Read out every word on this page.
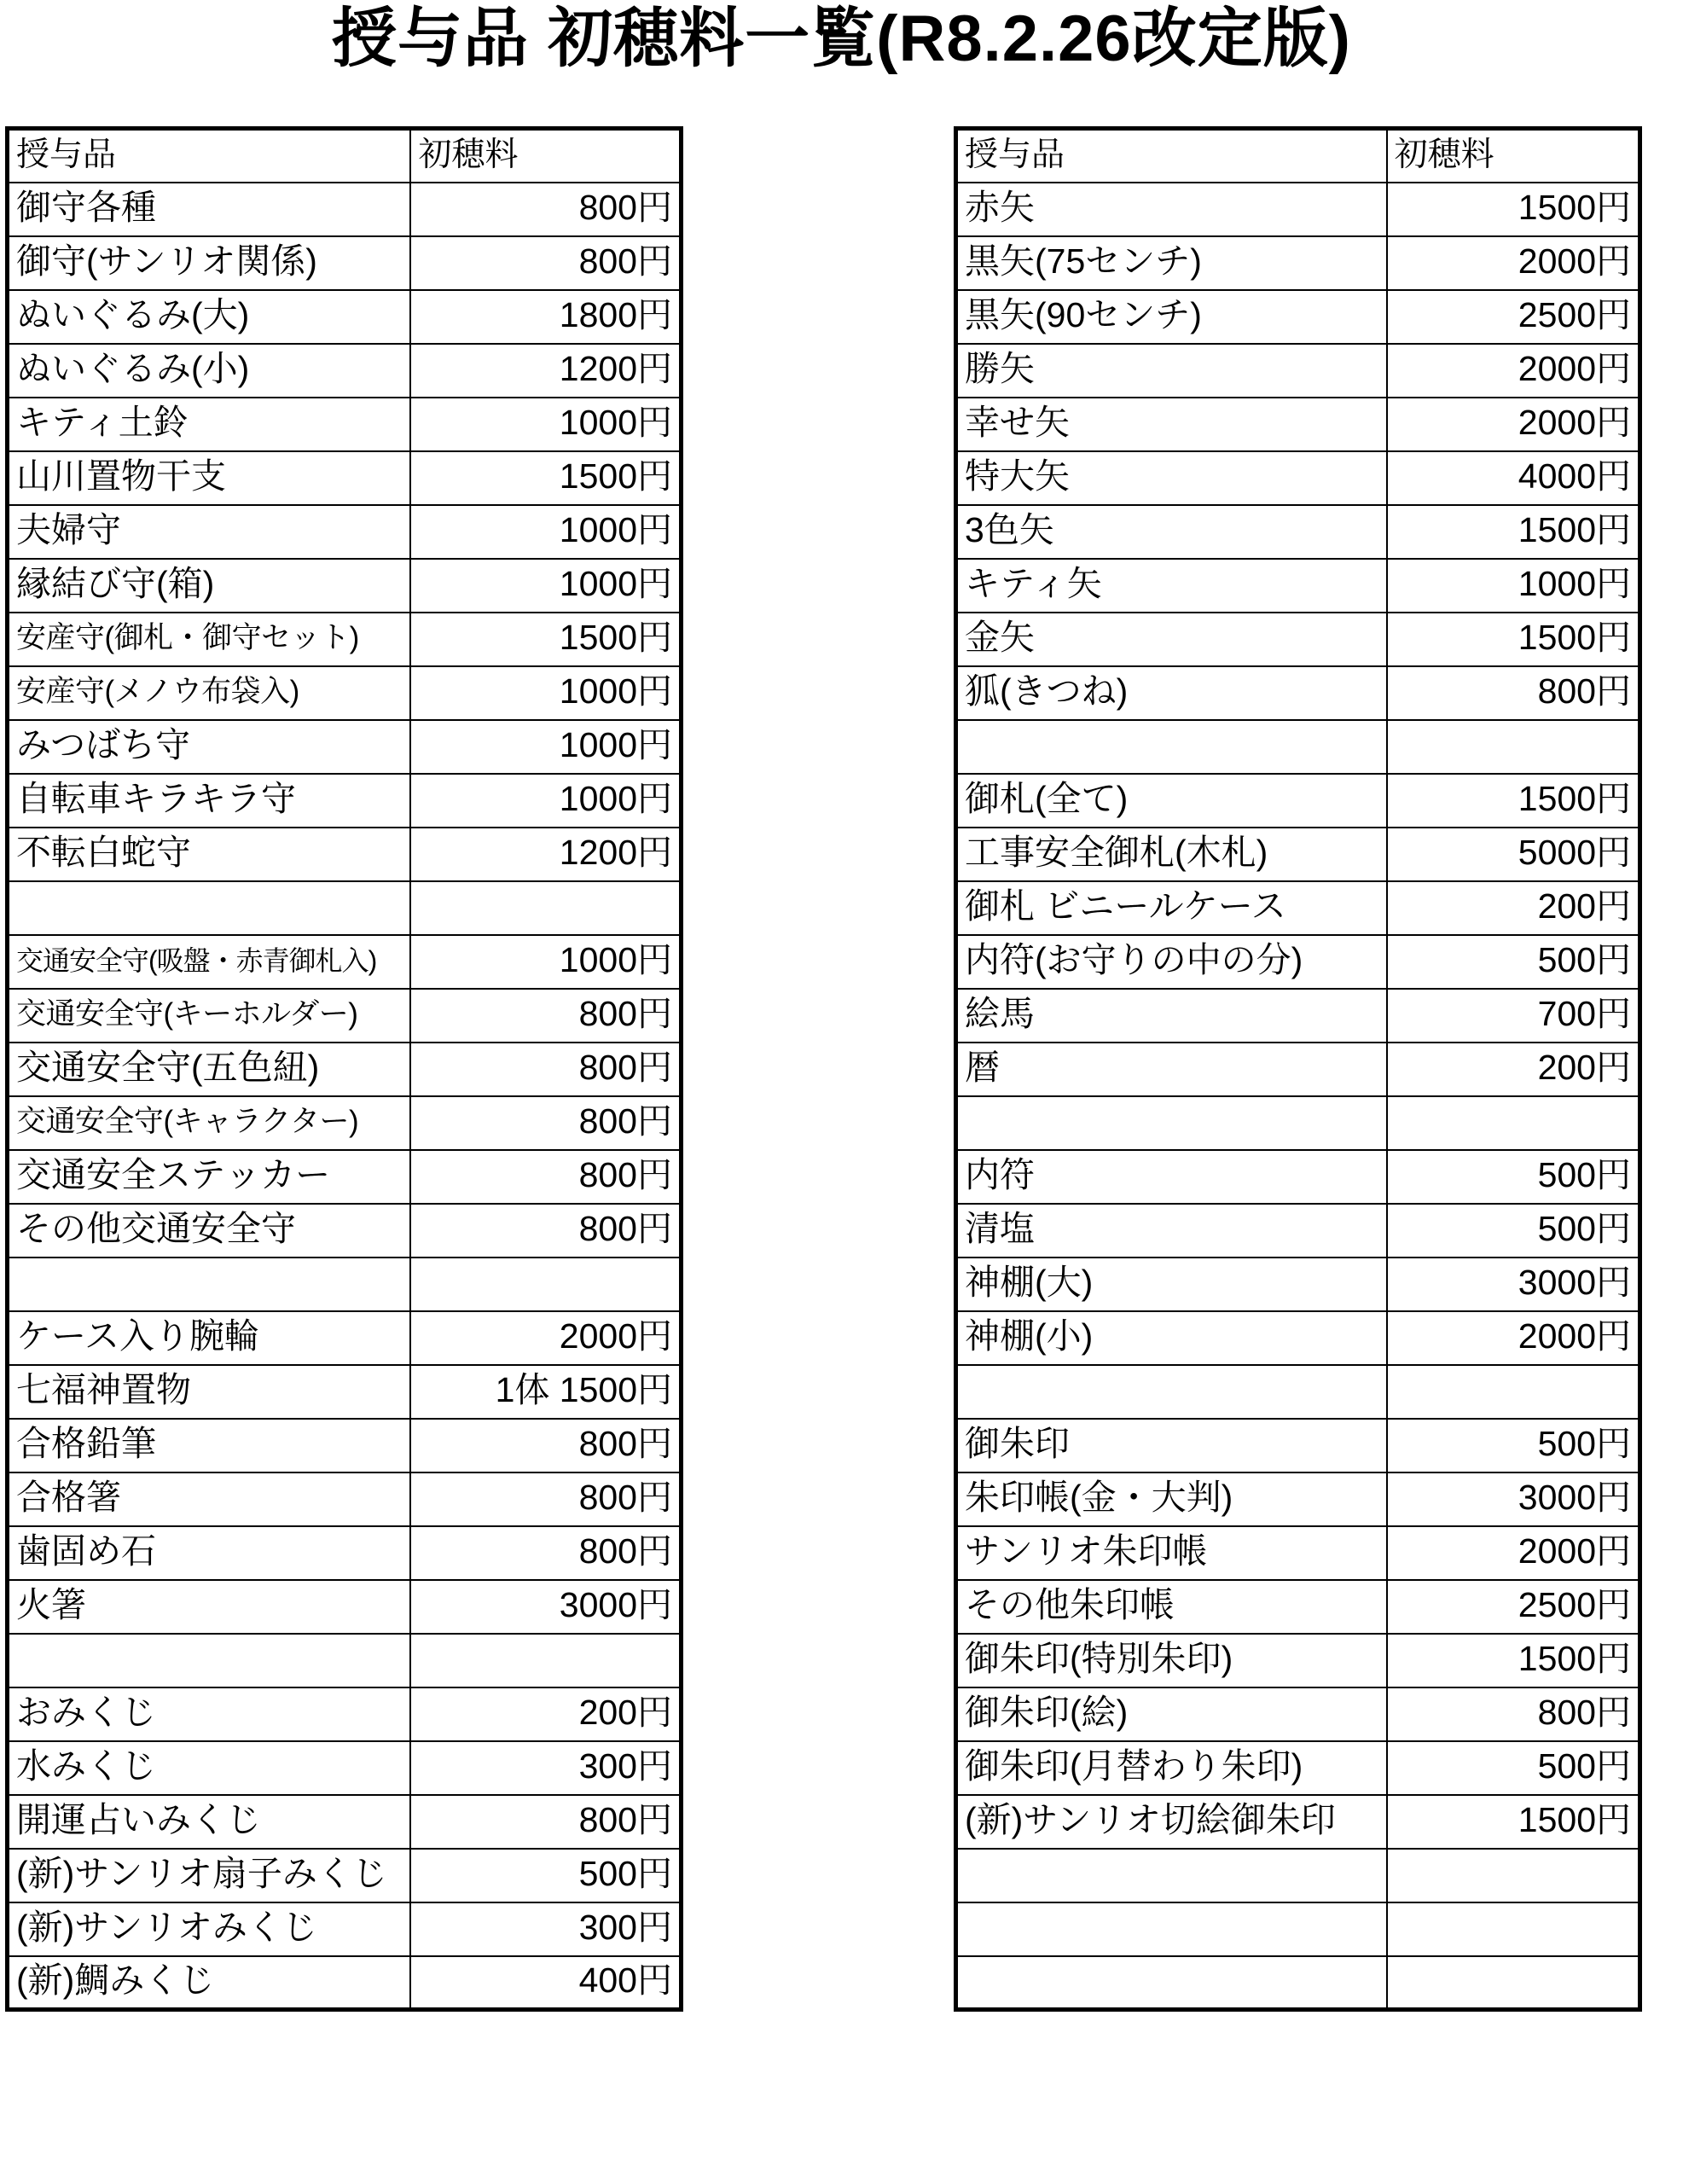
授与品 初穂料一覧(R8.2.26改定版)
授与品	初穂料
御守各種	800円
御守(サンリオ関係)	800円
ぬいぐるみ(大)	1800円
ぬいぐるみ(小)	1200円
キティ土鈴	1000円
山川置物干支	1500円
夫婦守	1000円
縁結び守(箱)	1000円
安産守(御札・御守セット)	1500円
安産守(メノウ布袋入)	1000円
みつばち守	1000円
自転車キラキラ守	1000円
不転白蛇守	1200円

交通安全守(吸盤・赤青御札入)	1000円
交通安全守(キーホルダー)	800円
交通安全守(五色紐)	800円
交通安全守(キャラクター)	800円
交通安全ステッカー	800円
その他交通安全守	800円

ケース入り腕輪	2000円
七福神置物	1体 1500円
合格鉛筆	800円
合格箸	800円
歯固め石	800円
火箸	3000円

おみくじ	200円
水みくじ	300円
開運占いみくじ	800円
(新)サンリオ扇子みくじ	500円
(新)サンリオみくじ	300円
(新)鯛みくじ	400円
授与品	初穂料
赤矢	1500円
黒矢(75センチ)	2000円
黒矢(90センチ)	2500円
勝矢	2000円
幸せ矢	2000円
特大矢	4000円
3色矢	1500円
キティ矢	1000円
金矢	1500円
狐(きつね)	800円

御札(全て)	1500円
工事安全御札(木札)	5000円
御札 ビニールケース	200円
内符(お守りの中の分)	500円
絵馬	700円
暦	200円

内符	500円
清塩	500円
神棚(大)	3000円
神棚(小)	2000円

御朱印	500円
朱印帳(金・大判)	3000円
サンリオ朱印帳	2000円
その他朱印帳	2500円
御朱印(特別朱印)	1500円
御朱印(絵)	800円
御朱印(月替わり朱印)	500円
(新)サンリオ切絵御朱印	1500円
